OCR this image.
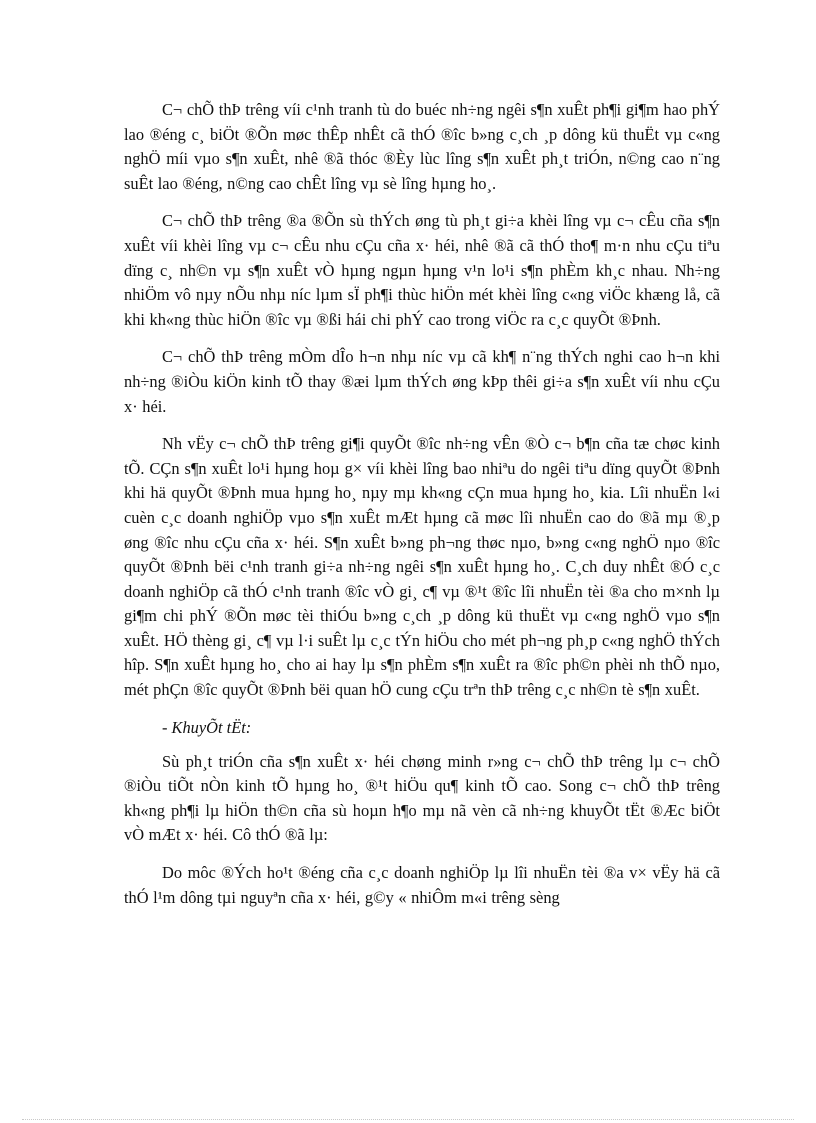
C¬ chÕ thÞ trêng víi c¹nh tranh tù do buéc nh÷ng ngêi s¶n xuÊt ph¶i gi¶m hao phÝ lao ®éng c¸ biÖt ®Õn møc thÊp nhÊt cã thÓ ®îc b»ng c¸ch ¸p dông kü thuËt vµ c«ng nghÖ míi vµo s¶n xuÊt, nhê ®ã thóc ®Èy lùc lîng s¶n xuÊt ph¸t triÓn, n©ng cao n¨ng suÊt lao ®éng, n©ng cao chÊt lîng vµ sè lîng hµng ho¸.

C¬ chÕ thÞ trêng ®a ®Õn sù thÝch øng tù ph¸t gi÷a khèi lîng vµ c¬ cÊu cña s¶n xuÊt víi khèi lîng vµ c¬ cÊu nhu cÇu cña x· héi, nhê ®ã cã thÓ tho¶ m·n nhu cÇu tiªu dïng c¸ nh©n vµ s¶n xuÊt vÒ hµng ngµn hµng v¹n lo¹i s¶n phÈm kh¸c nhau. Nh÷ng nhiÖm vô nµy nÕu nhµ níc lµm sÏ ph¶i thùc hiÖn mét khèi lîng c«ng viÖc khæng lå, cã khi kh«ng thùc hiÖn ®îc vµ ®ßi hái chi phÝ cao trong viÖc ra c¸c quyÕt ®Þnh.

C¬ chÕ thÞ trêng mÒm dÎo h¬n nhµ níc vµ cã kh¶ n¨ng thÝch nghi cao h¬n khi nh÷ng ®iÒu kiÖn kinh tÕ thay ®æi lµm thÝch øng kÞp thêi gi÷a s¶n xuÊt víi nhu cÇu x· héi.

Nh vËy c¬ chÕ thÞ trêng gi¶i quyÕt ®îc nh÷ng vÊn ®Ò c¬ b¶n cña tæ chøc kinh tÕ. CÇn s¶n xuÊt lo¹i hµng hoµ g× víi khèi lîng bao nhiªu do ngêi tiªu dïng quyÕt ®Þnh khi hä quyÕt ®Þnh mua hµng ho¸ nµy mµ kh«ng cÇn mua hµng ho¸ kia. Lîi nhuËn l«i cuèn c¸c doanh nghiÖp vµo s¶n xuÊt mÆt hµng cã møc lîi nhuËn cao do ®ã mµ ®¸p øng ®îc nhu cÇu cña x· héi. S¶n xuÊt b»ng ph¬ng thøc nµo, b»ng c«ng nghÖ nµo ®îc quyÕt ®Þnh bëi c¹nh tranh gi÷a nh÷ng ngêi s¶n xuÊt hµng ho¸. C¸ch duy nhÊt ®Ó c¸c doanh nghiÖp cã thÓ c¹nh tranh ®îc vÒ gi¸ c¶ vµ ®¹t ®îc lîi nhuËn tèi ®a cho m×nh lµ gi¶m chi phÝ ®Õn møc tèi thiÓu b»ng c¸ch ¸p dông kü thuËt vµ c«ng nghÖ vµo s¶n xuÊt. HÖ thèng gi¸ c¶ vµ l·i suÊt lµ c¸c tÝn hiÖu cho mét ph¬ng ph¸p c«ng nghÖ thÝch hîp. S¶n xuÊt hµng ho¸ cho ai hay lµ s¶n phÈm s¶n xuÊt ra ®îc ph©n phèi nh thÕ nµo, mét phÇn ®îc quyÕt ®Þnh bëi quan hÖ cung cÇu trªn thÞ trêng c¸c nh©n tè s¶n xuÊt.

- KhuyÕt tËt:

Sù ph¸t triÓn cña s¶n xuÊt x· héi chøng minh r»ng c¬ chÕ thÞ trêng lµ c¬ chÕ ®iÒu tiÕt nÒn kinh tÕ hµng ho¸ ®¹t hiÖu qu¶ kinh tÕ cao. Song c¬ chÕ thÞ trêng kh«ng ph¶i lµ hiÖn th©n cña sù hoµn h¶o mµ nã vèn cã nh÷ng khuyÕt tËt ®Æc biÖt vÒ mÆt x· héi. Cô thÓ ®ã lµ:

Do môc ®Ých ho¹t ®éng cña c¸c doanh nghiÖp lµ lîi nhuËn tèi ®a v× vËy hä cã thÓ l¹m dông tµi nguyªn cña x· héi, g©y « nhiÔm m«i trêng sèng
